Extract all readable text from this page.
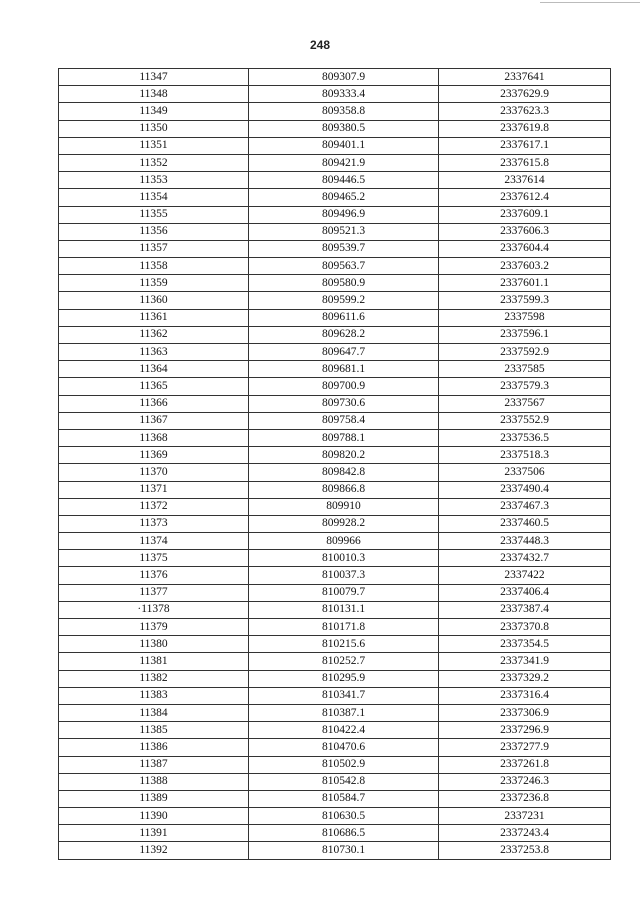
248
11347	809307.9	2337641
11348	809333.4	2337629.9
11349	809358.8	2337623.3
11350	809380.5	2337619.8
11351	809401.1	2337617.1
11352	809421.9	2337615.8
11353	809446.5	2337614
11354	809465.2	2337612.4
11355	809496.9	2337609.1
11356	809521.3	2337606.3
11357	809539.7	2337604.4
11358	809563.7	2337603.2
11359	809580.9	2337601.1
11360	809599.2	2337599.3
11361	809611.6	2337598
11362	809628.2	2337596.1
11363	809647.7	2337592.9
11364	809681.1	2337585
11365	809700.9	2337579.3
11366	809730.6	2337567
11367	809758.4	2337552.9
11368	809788.1	2337536.5
11369	809820.2	2337518.3
11370	809842.8	2337506
11371	809866.8	2337490.4
11372	809910	2337467.3
11373	809928.2	2337460.5
11374	809966	2337448.3
11375	810010.3	2337432.7
11376	810037.3	2337422
11377	810079.7	2337406.4
·11378	810131.1	2337387.4
11379	810171.8	2337370.8
11380	810215.6	2337354.5
11381	810252.7	2337341.9
11382	810295.9	2337329.2
11383	810341.7	2337316.4
11384	810387.1	2337306.9
11385	810422.4	2337296.9
11386	810470.6	2337277.9
11387	810502.9	2337261.8
11388	810542.8	2337246.3
11389	810584.7	2337236.8
11390	810630.5	2337231
11391	810686.5	2337243.4
11392	810730.1	2337253.8
